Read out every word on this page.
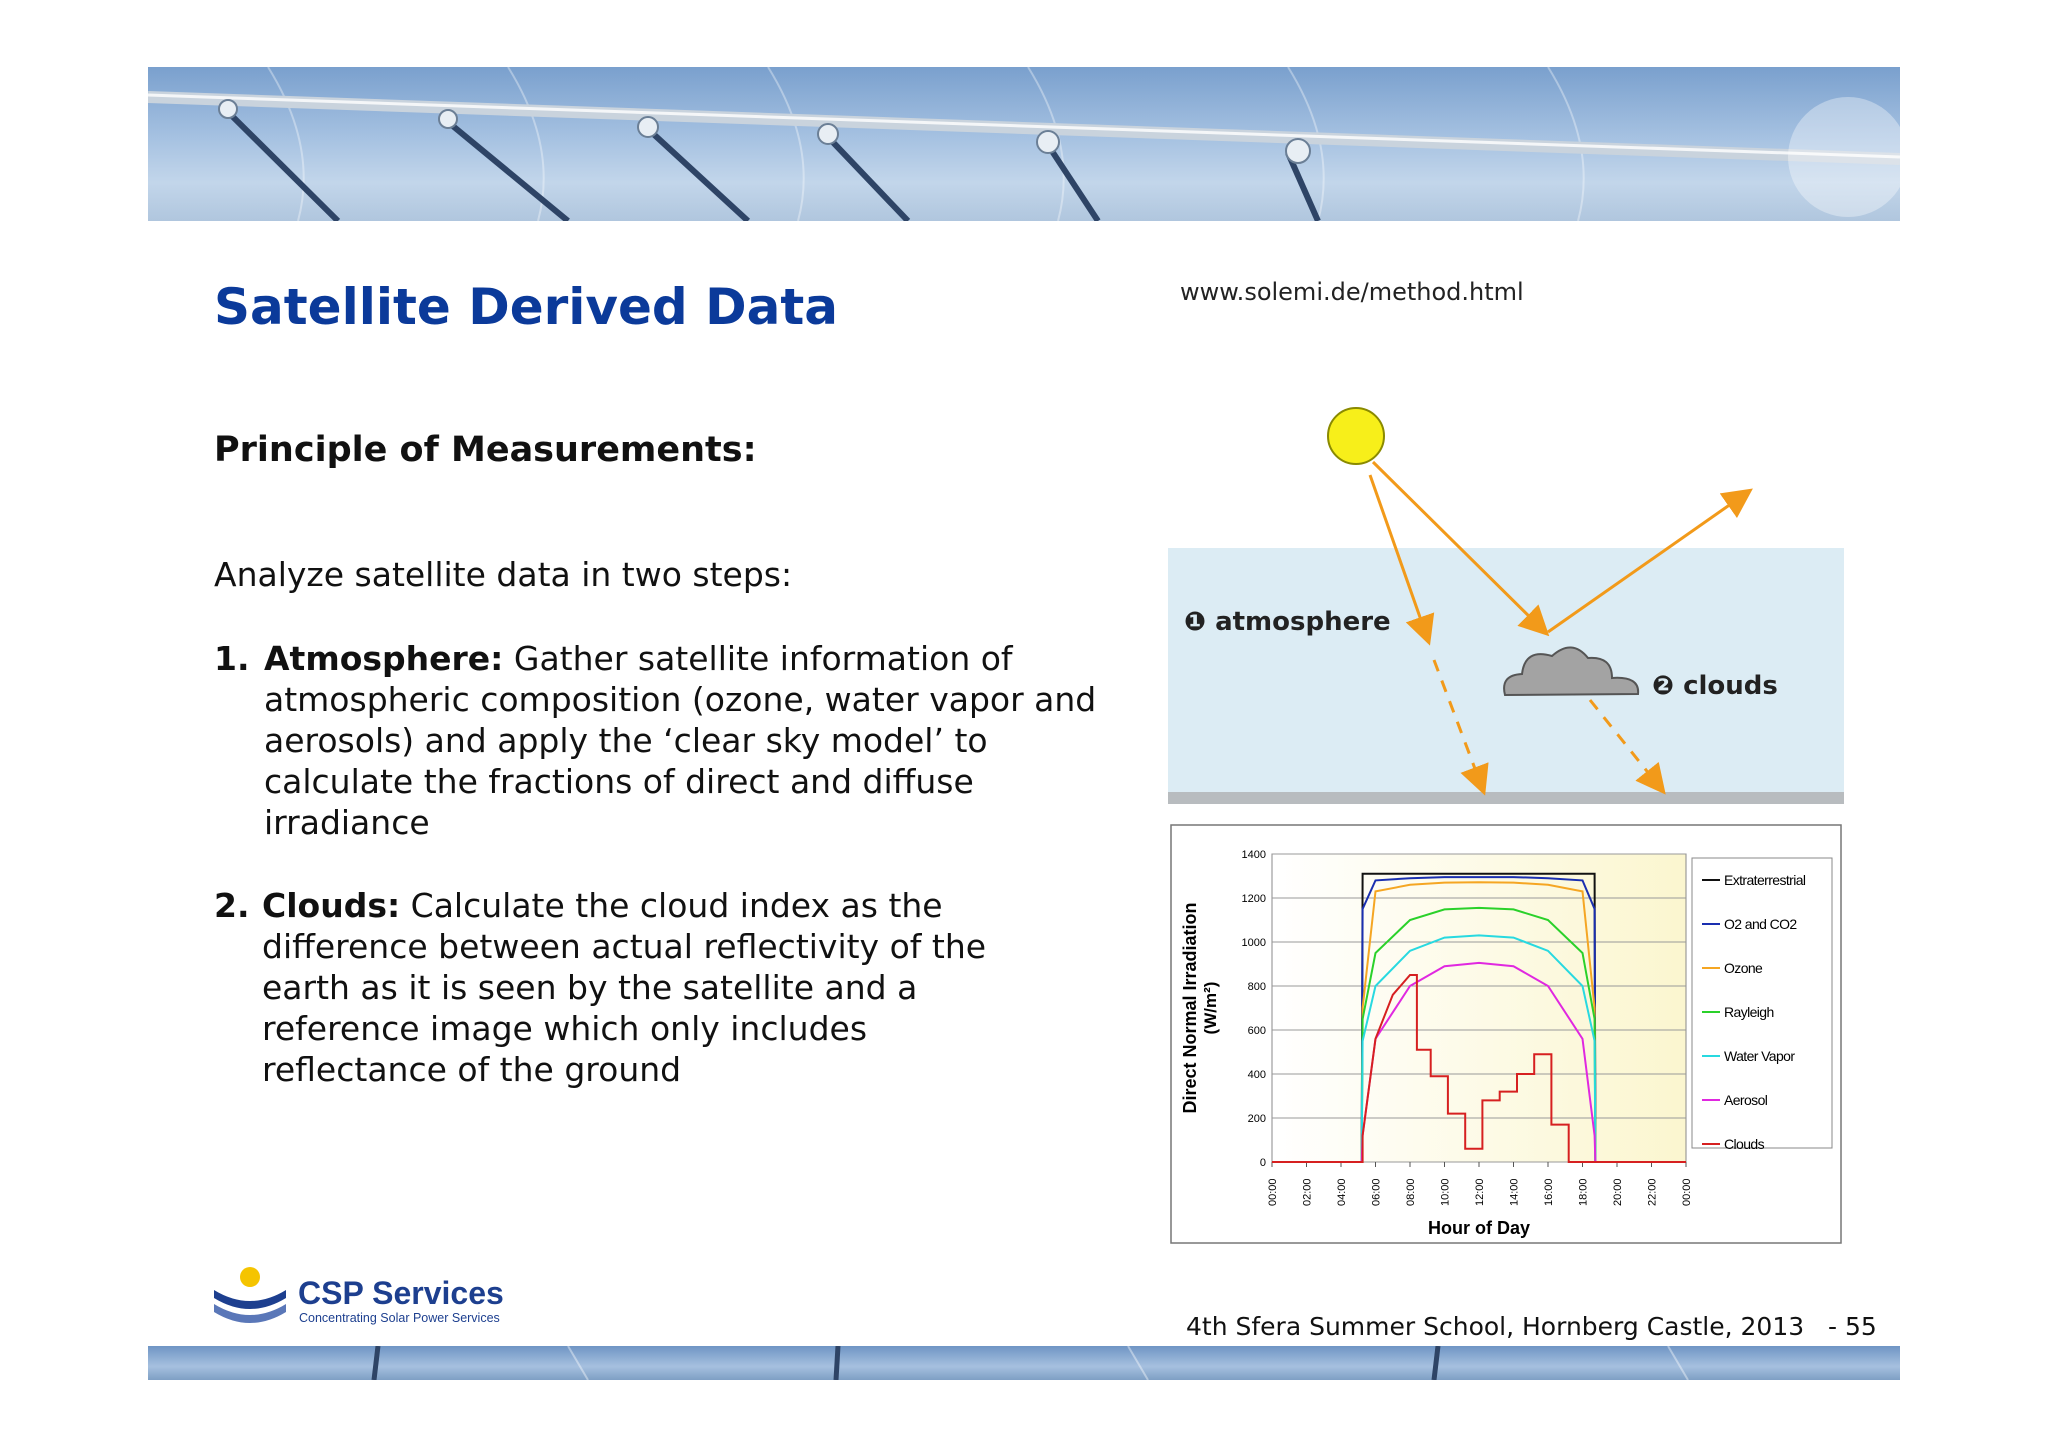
Satellite Derived Data	www.solemi.de/method.html
Principle of Measurements:
Analyze satellite data in two steps:
1. Atmosphere: Gather satellite information of atmospheric composition (ozone, water vapor and aerosols) and apply the ‘clear sky model’ to calculate the fractions of direct and diffuse irradiance
2. Clouds: Calculate the cloud index as the difference between actual reflectivity of the earth as it is seen by the satellite and a reference image which only includes reflectance of the ground
❶ atmosphere
❷ clouds
0
200
400
600
800
1000
1200
1400
00:00 02:00 04:00 06:00 08:00 10:00 12:00 14:00 16:00 18:00 20:00 22:00 00:00
Extraterrestrial
O2 and CO2
Ozone
Rayleigh
Water Vapor
Aerosol
Clouds
Hour of Day
Direct Normal Irradiation (W/m²)
CSP Services
Concentrating Solar Power Services	4th Sfera Summer School, Hornberg Castle, 2013 - 55
